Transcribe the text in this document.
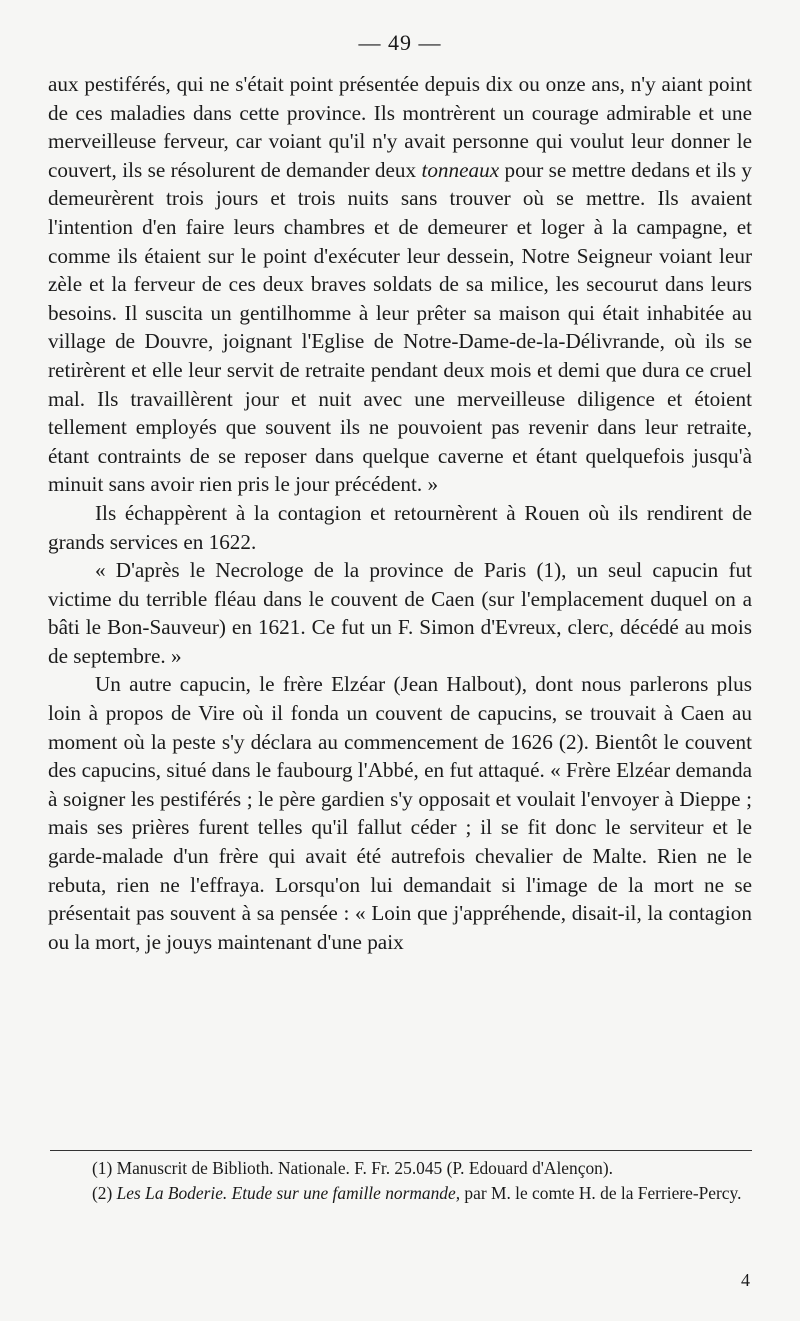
— 49 —

aux pestiférés, qui ne s'était point présentée depuis dix ou onze ans, n'y aiant point de ces maladies dans cette province. Ils montrèrent un courage admirable et une merveilleuse ferveur, car voiant qu'il n'y avait personne qui voulut leur donner le couvert, ils se résolurent de demander deux tonneaux pour se mettre dedans et ils y demeurèrent trois jours et trois nuits sans trouver où se mettre. Ils avaient l'intention d'en faire leurs chambres et de demeurer et loger à la campagne, et comme ils étaient sur le point d'exécuter leur dessein, Notre Seigneur voiant leur zèle et la ferveur de ces deux braves soldats de sa milice, les secourut dans leurs besoins. Il suscita un gentilhomme à leur prêter sa maison qui était inhabitée au village de Douvre, joignant l'Eglise de Notre-Dame-de-la-Délivrande, où ils se retirèrent et elle leur servit de retraite pendant deux mois et demi que dura ce cruel mal. Ils travaillèrent jour et nuit avec une merveilleuse diligence et étoient tellement employés que souvent ils ne pouvoient pas revenir dans leur retraite, étant contraints de se reposer dans quelque caverne et étant quelquefois jusqu'à minuit sans avoir rien pris le jour précédent. »

Ils échappèrent à la contagion et retournèrent à Rouen où ils rendirent de grands services en 1622.

« D'après le Necrologe de la province de Paris (1), un seul capucin fut victime du terrible fléau dans le couvent de Caen (sur l'emplacement duquel on a bâti le Bon-Sauveur) en 1621. Ce fut un F. Simon d'Evreux, clerc, décédé au mois de septembre. »

Un autre capucin, le frère Elzéar (Jean Halbout), dont nous parlerons plus loin à propos de Vire où il fonda un couvent de capucins, se trouvait à Caen au moment où la peste s'y déclara au commencement de 1626 (2). Bientôt le couvent des capucins, situé dans le faubourg l'Abbé, en fut attaqué. « Frère Elzéar demanda à soigner les pestiférés ; le père gardien s'y opposait et voulait l'envoyer à Dieppe ; mais ses prières furent telles qu'il fallut céder ; il se fit donc le serviteur et le garde-malade d'un frère qui avait été autrefois chevalier de Malte. Rien ne le rebuta, rien ne l'effraya. Lorsqu'on lui demandait si l'image de la mort ne se présentait pas souvent à sa pensée : « Loin que j'appréhende, disait-il, la contagion ou la mort, je jouys maintenant d'une paix

(1) Manuscrit de Biblioth. Nationale. F. Fr. 25.045 (P. Edouard d'Alençon).

(2) Les La Boderie. Etude sur une famille normande, par M. le comte H. de la Ferriere-Percy.

4
